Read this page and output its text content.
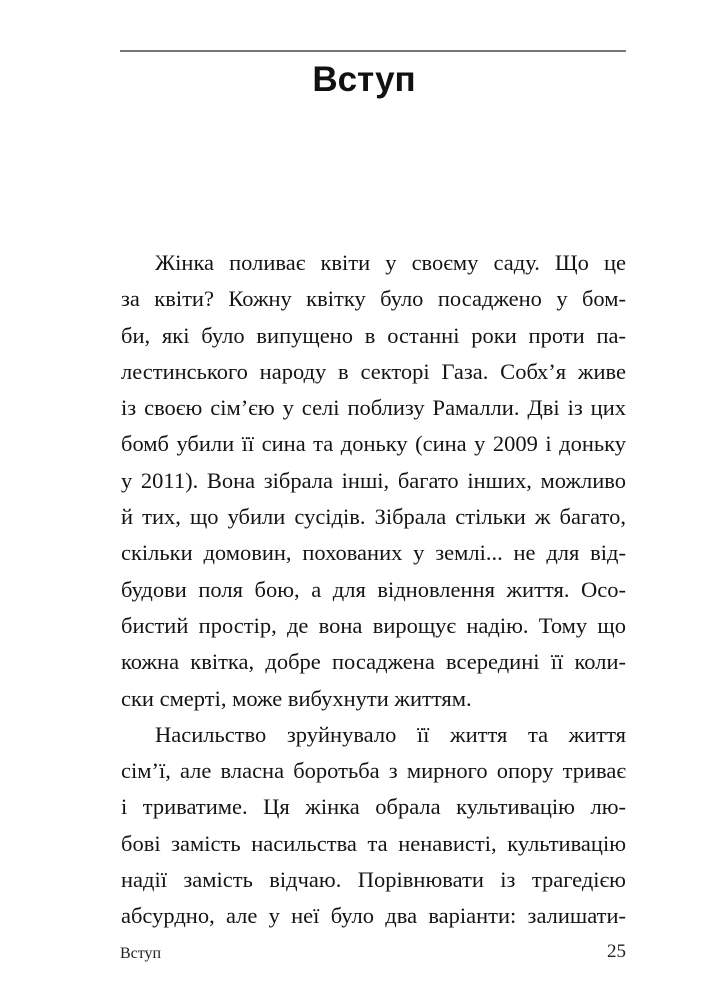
Вступ
Жінка поливає квіти у своєму саду. Що це
за квіти? Кожну квітку було посаджено у бом-
би, які було випущено в останні роки проти па-
лестинського народу в секторі Газа. Собх’я живе
із своєю сім’єю у селі поблизу Рамалли. Дві із цих
бомб убили її сина та доньку (сина у 2009 і доньку
у 2011). Вона зібрала інші, багато інших, можливо
й тих, що убили сусідів. Зібрала стільки ж багато,
скільки домовин, похованих у землі... не для від-
будови поля бою, а для відновлення життя. Осо-
бистий простір, де вона вирощує надію. Тому що
кожна квітка, добре посаджена всередині її коли-
ски смерті, може вибухнути життям.
Насильство зруйнувало її життя та життя
сім’ї, але власна боротьба з мирного опору триває
і триватиме. Ця жінка обрала культивацію лю-
бові замість насильства та ненависті, культивацію
надії замість відчаю. Порівнювати із трагедією
абсурдно, але у неї було два варіанти: залишати-
Вступ	25
